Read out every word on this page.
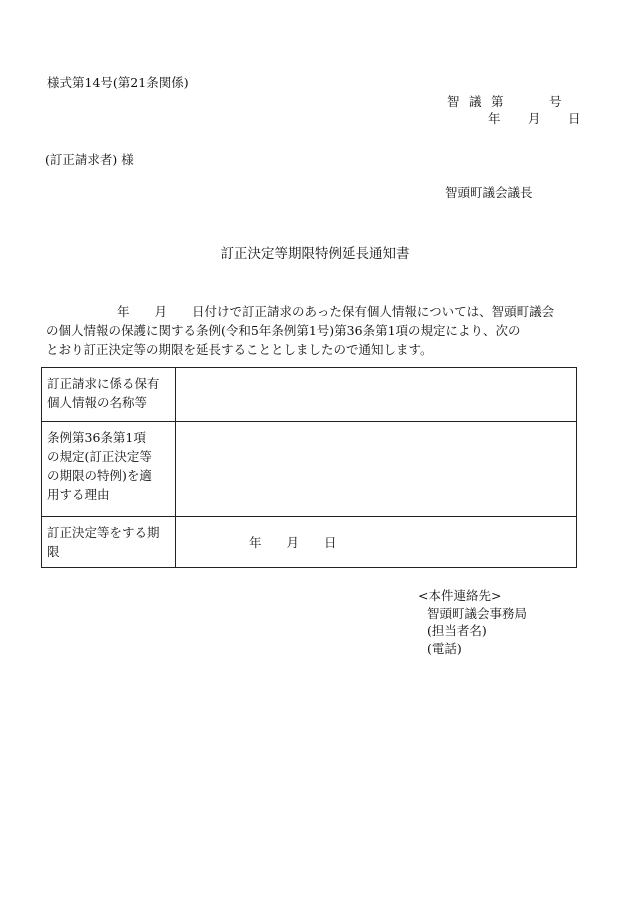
様式第14号(第21条関係)
智 議 第	号
年 月 日
(訂正請求者) 様
智頭町議会議長
訂正決定等期限特例延長通知書
年　　月　　日付けで訂正請求のあった保有個人情報については、智頭町議会
の個人情報の保護に関する条例(令和5年条例第1号)第36条第1項の規定により、次の
とおり訂正決定等の期限を延長することとしましたので通知します。
訂正請求に係る保有
個人情報の名称等	

条例第36条第1項
の規定(訂正決定等
の期限の特例)を適
用する理由	

訂正決定等をする期
限	年　　月　　日
<本件連絡先>
智頭町議会事務局
(担当者名)
(電話)
